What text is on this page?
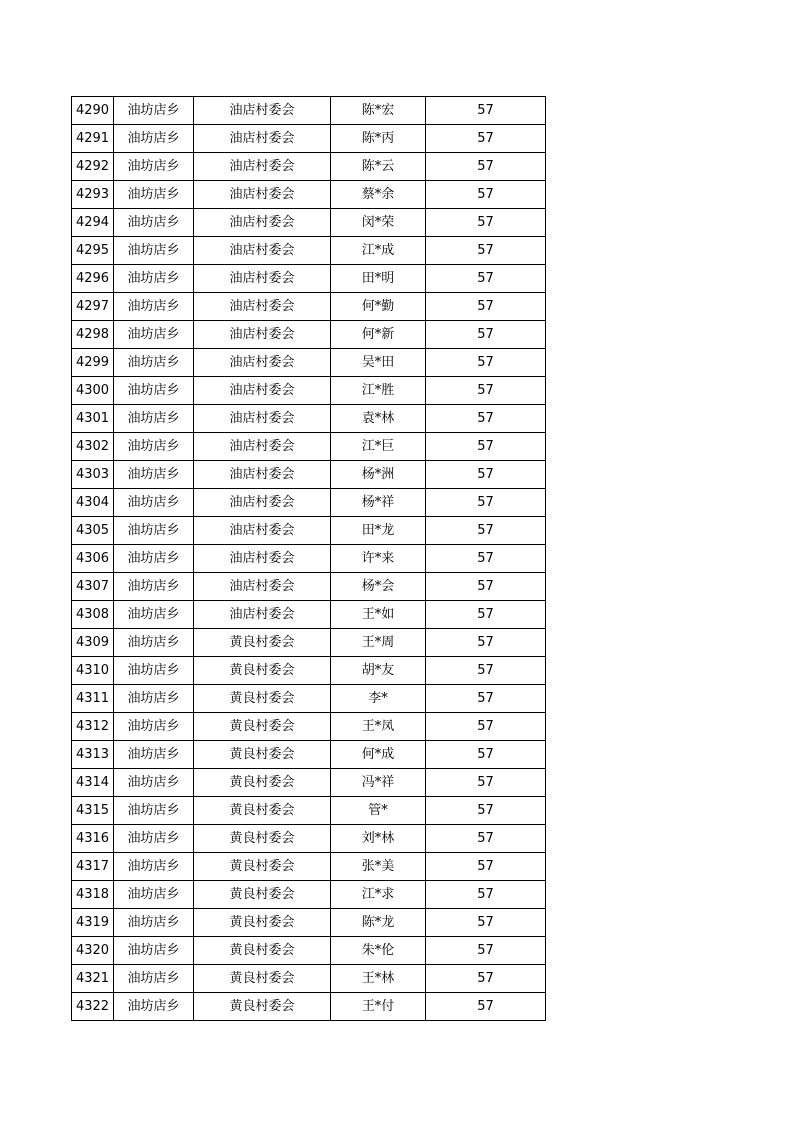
4290	油坊店乡	油店村委会	陈*宏	57
4291	油坊店乡	油店村委会	陈*丙	57
4292	油坊店乡	油店村委会	陈*云	57
4293	油坊店乡	油店村委会	蔡*余	57
4294	油坊店乡	油店村委会	闵*荣	57
4295	油坊店乡	油店村委会	江*成	57
4296	油坊店乡	油店村委会	田*明	57
4297	油坊店乡	油店村委会	何*勤	57
4298	油坊店乡	油店村委会	何*新	57
4299	油坊店乡	油店村委会	吴*田	57
4300	油坊店乡	油店村委会	江*胜	57
4301	油坊店乡	油店村委会	袁*林	57
4302	油坊店乡	油店村委会	江*巨	57
4303	油坊店乡	油店村委会	杨*洲	57
4304	油坊店乡	油店村委会	杨*祥	57
4305	油坊店乡	油店村委会	田*龙	57
4306	油坊店乡	油店村委会	许*来	57
4307	油坊店乡	油店村委会	杨*会	57
4308	油坊店乡	油店村委会	王*如	57
4309	油坊店乡	黄良村委会	王*周	57
4310	油坊店乡	黄良村委会	胡*友	57
4311	油坊店乡	黄良村委会	李*	57
4312	油坊店乡	黄良村委会	王*凤	57
4313	油坊店乡	黄良村委会	何*成	57
4314	油坊店乡	黄良村委会	冯*祥	57
4315	油坊店乡	黄良村委会	管*	57
4316	油坊店乡	黄良村委会	刘*林	57
4317	油坊店乡	黄良村委会	张*美	57
4318	油坊店乡	黄良村委会	江*求	57
4319	油坊店乡	黄良村委会	陈*龙	57
4320	油坊店乡	黄良村委会	朱*伦	57
4321	油坊店乡	黄良村委会	王*林	57
4322	油坊店乡	黄良村委会	王*付	57
